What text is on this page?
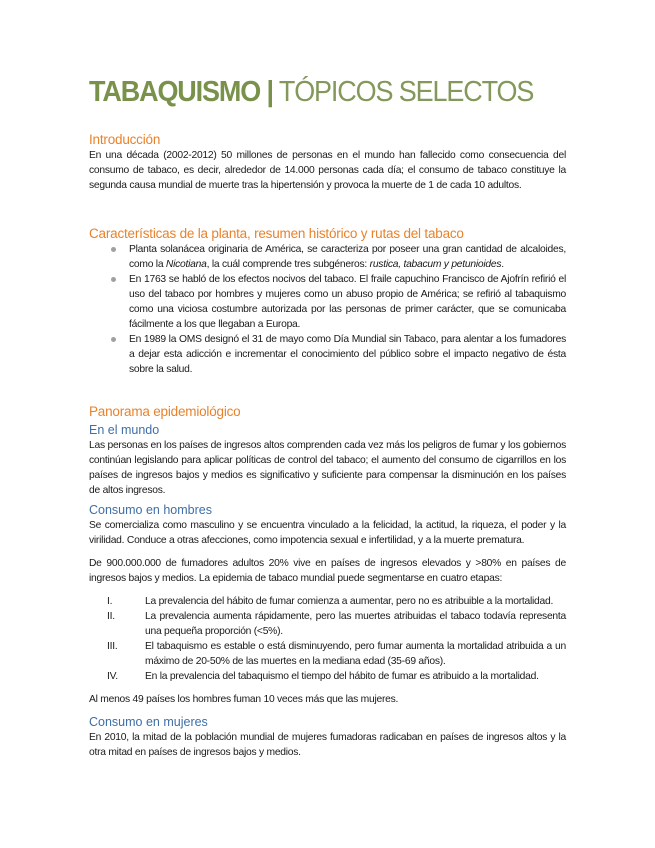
TABAQUISMO | TÓPICOS SELECTOS
Introducción

En una década (2002-2012) 50 millones de personas en el mundo han fallecido como consecuencia del consumo de tabaco, es decir, alrededor de 14.000 personas cada día; el consumo de tabaco constituye la segunda causa mundial de muerte tras la hipertensión y provoca la muerte de 1 de cada 10 adultos.

Características de la planta, resumen histórico y rutas del tabaco
Planta solanácea originaria de América, se caracteriza por poseer una gran cantidad de alcaloides, como la Nicotiana, la cuál comprende tres subgéneros: rustica, tabacum y petunioides.
En 1763 se habló de los efectos nocivos del tabaco. El fraile capuchino Francisco de Ajofrín refirió el uso del tabaco por hombres y mujeres como un abuso propio de América; se refirió al tabaquismo como una viciosa costumbre autorizada por las personas de primer carácter, que se comunicaba fácilmente a los que llegaban a Europa.
En 1989 la OMS designó el 31 de mayo como Día Mundial sin Tabaco, para alentar a los fumadores a dejar esta adicción e incrementar el conocimiento del público sobre el impacto negativo de ésta sobre la salud.
Panorama epidemiológico
En el mundo

Las personas en los países de ingresos altos comprenden cada vez más los peligros de fumar y los gobiernos continúan legislando para aplicar políticas de control del tabaco; el aumento del consumo de cigarrillos en los países de ingresos bajos y medios es significativo y suficiente para compensar la disminución en los países de altos ingresos.

Consumo en hombres

Se comercializa como masculino y se encuentra vinculado a la felicidad, la actitud, la riqueza, el poder y la virilidad. Conduce a otras afecciones, como impotencia sexual e infertilidad, y a la muerte prematura.

De 900.000.000 de fumadores adultos 20% vive en países de ingresos elevados y >80% en países de ingresos bajos y medios. La epidemia de tabaco mundial puede segmentarse en cuatro etapas:

I.	La prevalencia del hábito de fumar comienza a aumentar, pero no es atribuible a la mortalidad.
II.	La prevalencia aumenta rápidamente, pero las muertes atribuidas el tabaco todavía representa una pequeña proporción (<5%).
III.	El tabaquismo es estable o está disminuyendo, pero fumar aumenta la mortalidad atribuida a un máximo de 20-50% de las muertes en la mediana edad (35-69 años).
IV.	En la prevalencia del tabaquismo el tiempo del hábito de fumar es atribuido a la mortalidad.

Al menos 49 países los hombres fuman 10 veces más que las mujeres.

Consumo en mujeres

En 2010, la mitad de la población mundial de mujeres fumadoras radicaban en países de ingresos altos y la otra mitad en países de ingresos bajos y medios.
